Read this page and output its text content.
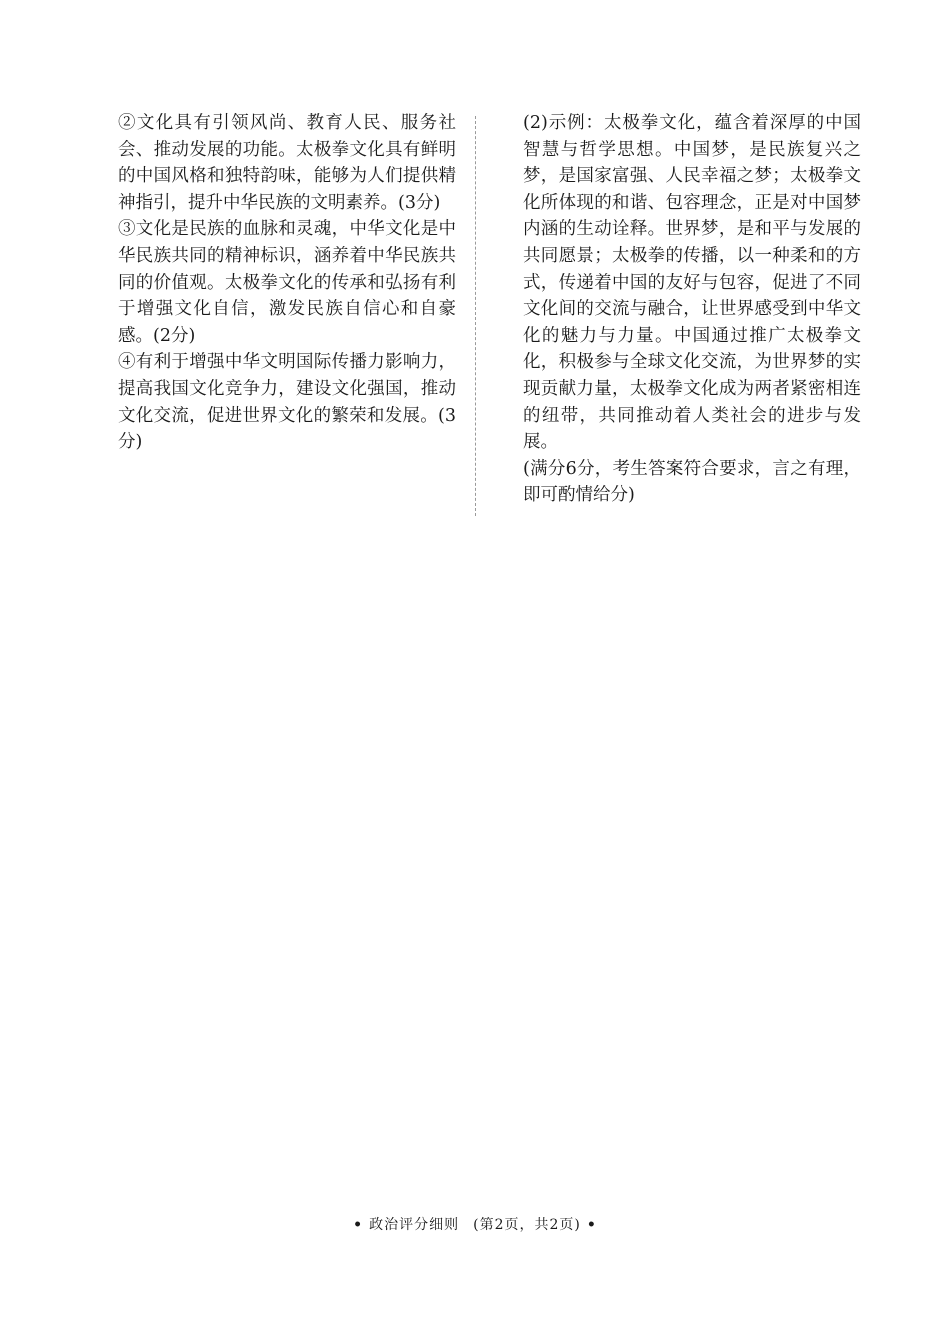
②文化具有引领风尚、教育人民、服务社会、推动发展的功能。太极拳文化具有鲜明的中国风格和独特韵味，能够为人们提供精神指引，提升中华民族的文明素养。(3分)

③文化是民族的血脉和灵魂，中华文化是中华民族共同的精神标识，涵养着中华民族共同的价值观。太极拳文化的传承和弘扬有利于增强文化自信，激发民族自信心和自豪感。(2分)

④有利于增强中华文明国际传播力影响力，提高我国文化竞争力，建设文化强国，推动文化交流，促进世界文化的繁荣和发展。(3分)

(2)示例：太极拳文化，蕴含着深厚的中国智慧与哲学思想。中国梦，是民族复兴之梦，是国家富强、人民幸福之梦；太极拳文化所体现的和谐、包容理念，正是对中国梦内涵的生动诠释。世界梦，是和平与发展的共同愿景；太极拳的传播，以一种柔和的方式，传递着中国的友好与包容，促进了不同文化间的交流与融合，让世界感受到中华文化的魅力与力量。中国通过推广太极拳文化，积极参与全球文化交流，为世界梦的实现贡献力量，太极拳文化成为两者紧密相连的纽带，共同推动着人类社会的进步与发展。

(满分6分，考生答案符合要求，言之有理，即可酌情给分)

• 政治评分细则 (第2页，共2页) •
